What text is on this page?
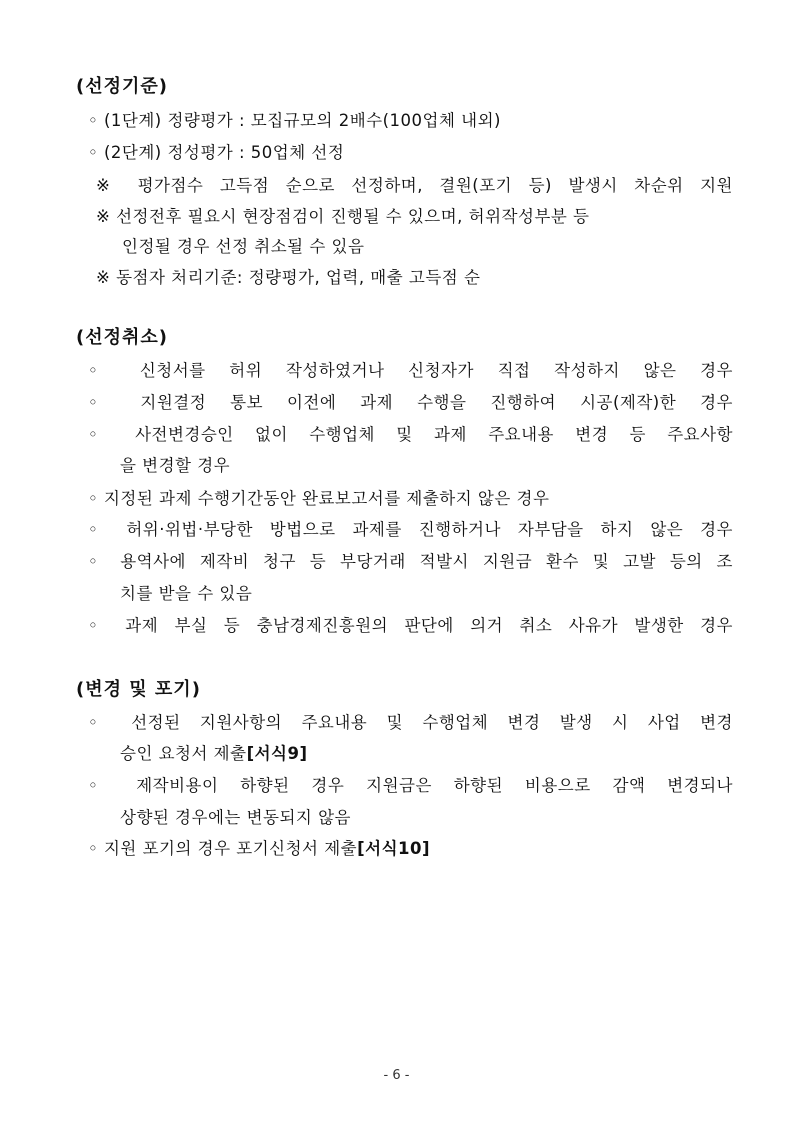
(선정기준)
◦ (1단계) 정량평가 : 모집규모의 2배수(100업체 내외)
◦ (2단계) 정성평가 : 50업체 선정
※ 평가점수 고득점 순으로 선정하며, 결원(포기 등) 발생시 차순위 지원
※ 선정전후 필요시 현장점검이 진행될 수 있으며, 허위작성부분 등
인정될 경우 선정 취소될 수 있음
※ 동점자 처리기준: 정량평가, 업력, 매출 고득점 순
(선정취소)
◦ 신청서를 허위 작성하였거나 신청자가 직접 작성하지 않은 경우
◦ 지원결정 통보 이전에 과제 수행을 진행하여 시공(제작)한 경우
◦ 사전변경승인 없이 수행업체 및 과제 주요내용 변경 등 주요사항
을 변경할 경우
◦ 지정된 과제 수행기간동안 완료보고서를 제출하지 않은 경우
◦ 허위·위법·부당한 방법으로 과제를 진행하거나 자부담을 하지 않은 경우
◦ 용역사에 제작비 청구 등 부당거래 적발시 지원금 환수 및 고발 등의 조
치를 받을 수 있음
◦ 과제 부실 등 충남경제진흥원의 판단에 의거 취소 사유가 발생한 경우
(변경 및 포기)
◦ 선정된 지원사항의 주요내용 및 수행업체 변경 발생 시 사업 변경
승인 요청서 제출[서식9]
◦ 제작비용이 하향된 경우 지원금은 하향된 비용으로 감액 변경되나
상향된 경우에는 변동되지 않음
◦ 지원 포기의 경우 포기신청서 제출[서식10]
- 6 -
